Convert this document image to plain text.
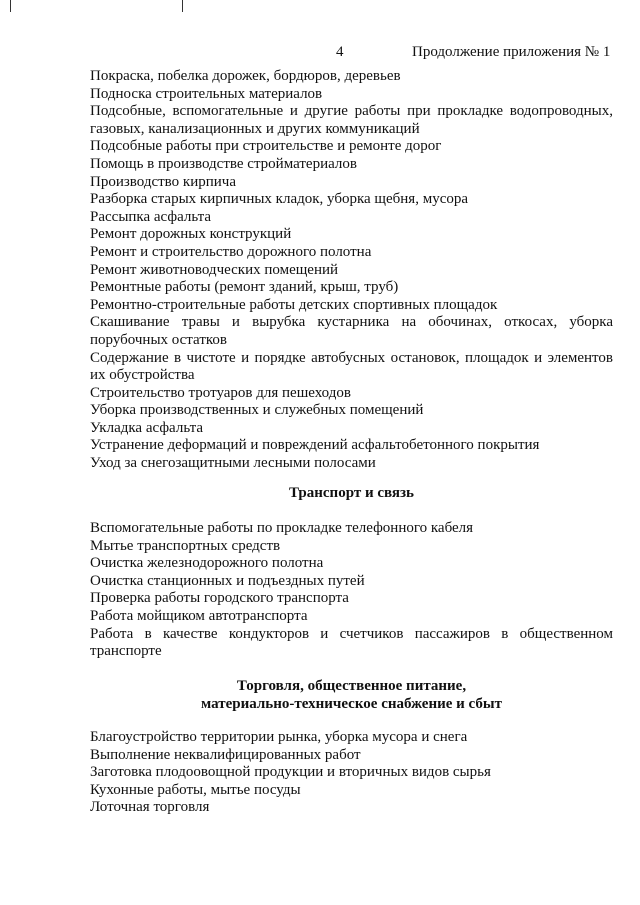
4	Продолжение приложения № 1
Покраска, побелка дорожек, бордюров, деревьев
Подноска строительных материалов
Подсобные, вспомогательные и другие работы при прокладке водопроводных, газовых, канализационных и других коммуникаций
Подсобные работы при строительстве и ремонте дорог
Помощь в производстве стройматериалов
Производство кирпича
Разборка старых кирпичных кладок, уборка щебня, мусора
Рассыпка асфальта
Ремонт дорожных конструкций
Ремонт и строительство дорожного полотна
Ремонт животноводческих помещений
Ремонтные работы (ремонт зданий, крыш, труб)
Ремонтно-строительные работы детских спортивных площадок
Скашивание травы и вырубка кустарника на обочинах, откосах, уборка порубочных остатков
Содержание в чистоте и порядке автобусных остановок, площадок и элементов их обустройства
Строительство тротуаров для пешеходов
Уборка производственных и служебных помещений
Укладка асфальта
Устранение деформаций и повреждений асфальтобетонного покрытия
Уход за снегозащитными лесными полосами
Транспорт и связь
Вспомогательные работы по прокладке телефонного кабеля
Мытье транспортных средств
Очистка железнодорожного полотна
Очистка станционных и подъездных путей
Проверка работы городского транспорта
Работа мойщиком автотранспорта
Работа в качестве кондукторов и счетчиков пассажиров в общественном транспорте
Торговля, общественное питание,
материально-техническое снабжение и сбыт
Благоустройство территории рынка, уборка мусора и снега
Выполнение неквалифицированных работ
Заготовка плодоовощной продукции и вторичных видов сырья
Кухонные работы, мытье посуды
Лоточная торговля
